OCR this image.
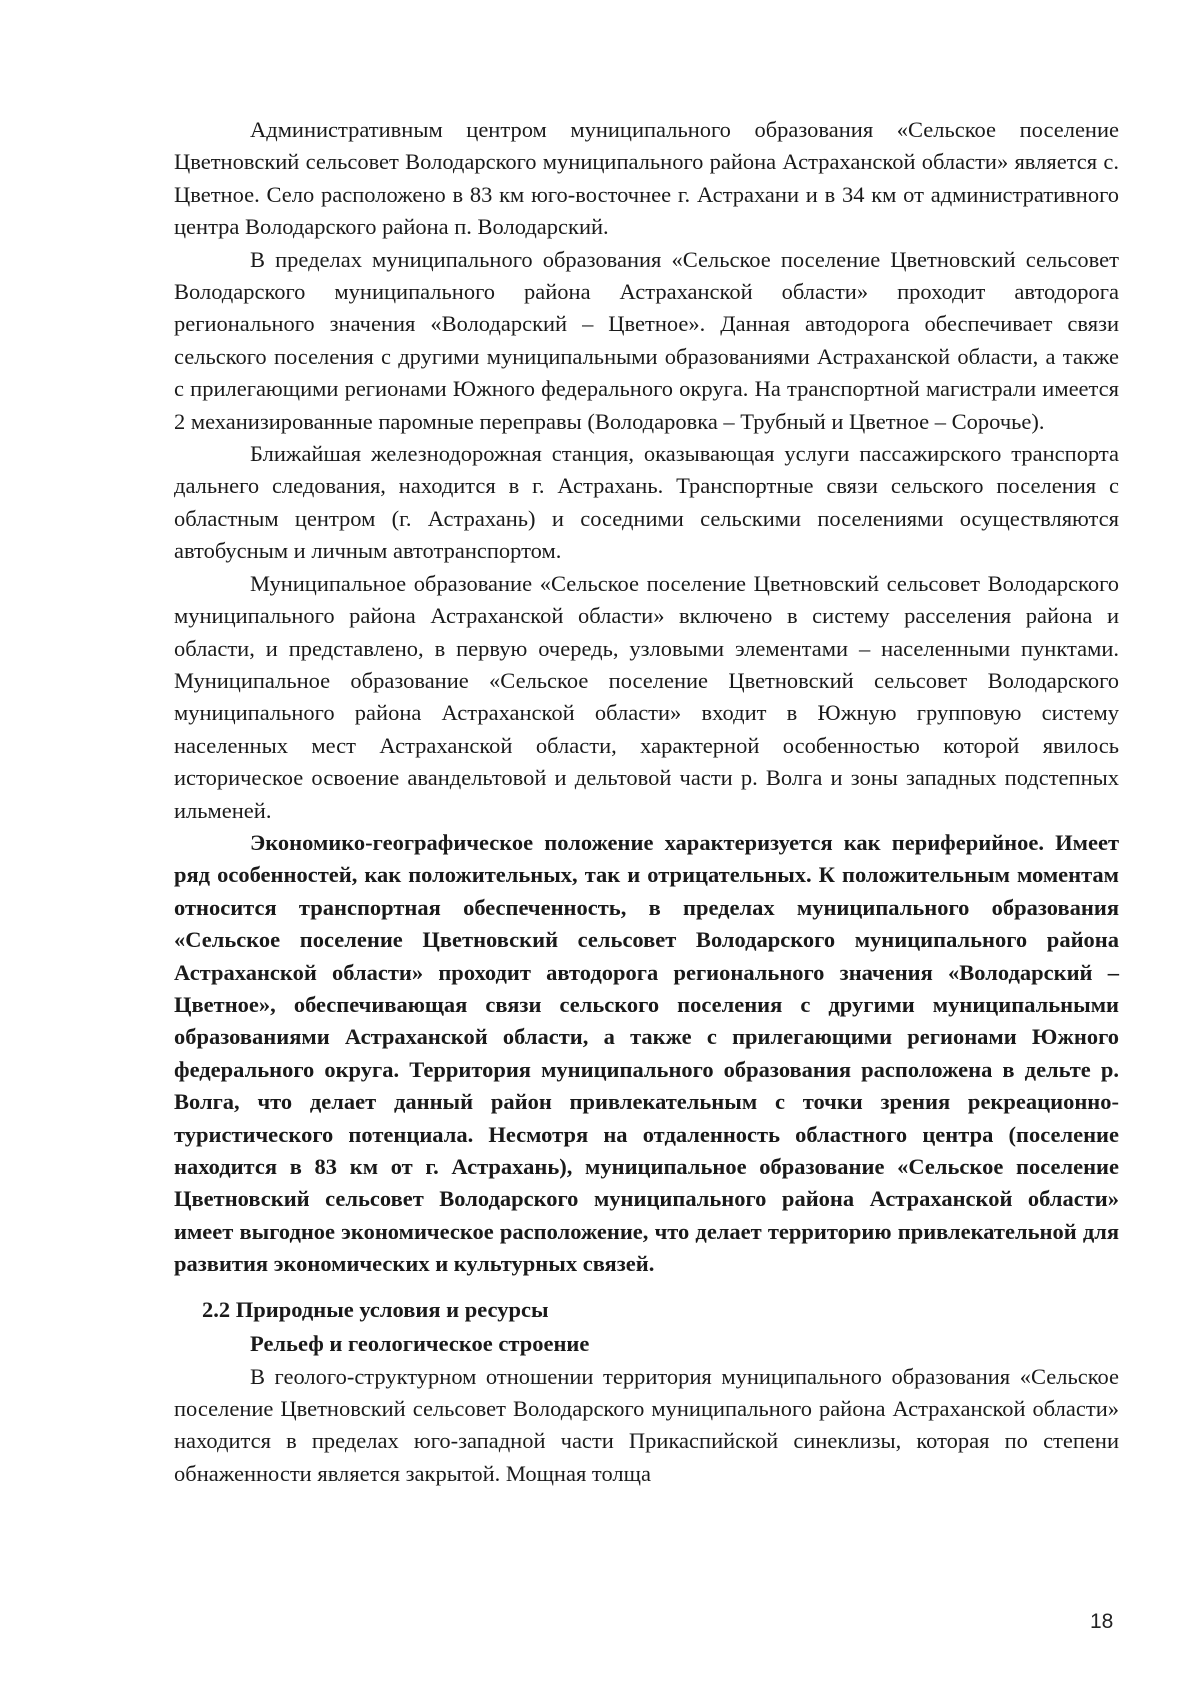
Административным центром муниципального образования «Сельское поселение Цветновский сельсовет Володарского муниципального района Астраханской области» является с. Цветное. Село расположено в 83 км юго-восточнее г. Астрахани и в 34 км от административного центра Володарского района п. Володарский.

В пределах муниципального образования «Сельское поселение Цветновский сельсовет Володарского муниципального района Астраханской области» проходит автодорога регионального значения «Володарский – Цветное». Данная автодорога обеспечивает связи сельского поселения с другими муниципальными образованиями Астраханской области, а также с прилегающими регионами Южного федерального округа. На транспортной магистрали имеется 2 механизированные паромные переправы (Володаровка – Трубный и Цветное – Сорочье).

Ближайшая железнодорожная станция, оказывающая услуги пассажирского транспорта дальнего следования, находится в г. Астрахань. Транспортные связи сельского поселения с областным центром (г. Астрахань) и соседними сельскими поселениями осуществляются автобусным и личным автотранспортом.

Муниципальное образование «Сельское поселение Цветновский сельсовет Володарского муниципального района Астраханской области» включено в систему расселения района и области, и представлено, в первую очередь, узловыми элементами – населенными пунктами. Муниципальное образование «Сельское поселение Цветновский сельсовет Володарского муниципального района Астраханской области» входит в Южную групповую систему населенных мест Астраханской области, характерной особенностью которой явилось историческое освоение авандельтовой и дельтовой части р. Волга и зоны западных подстепных ильменей.

Экономико-географическое положение характеризуется как периферийное. Имеет ряд особенностей, как положительных, так и отрицательных. К положительным моментам относится транспортная обеспеченность, в пределах муниципального образования «Сельское поселение Цветновский сельсовет Володарского муниципального района Астраханской области» проходит автодорога регионального значения «Володарский – Цветное», обеспечивающая связи сельского поселения с другими муниципальными образованиями Астраханской области, а также с прилегающими регионами Южного федерального округа. Территория муниципального образования расположена в дельте р. Волга, что делает данный район привлекательным с точки зрения рекреационно-туристического потенциала. Несмотря на отдаленность областного центра (поселение находится в 83 км от г. Астрахань), муниципальное образование «Сельское поселение Цветновский сельсовет Володарского муниципального района Астраханской области» имеет выгодное экономическое расположение, что делает территорию привлекательной для развития экономических и культурных связей.

2.2 Природные условия и ресурсы
Рельеф и геологическое строение

В геолого-структурном отношении территория муниципального образования «Сельское поселение Цветновский сельсовет Володарского муниципального района Астраханской области» находится в пределах юго-западной части Прикаспийской синеклизы, которая по степени обнаженности является закрытой. Мощная толща

18
